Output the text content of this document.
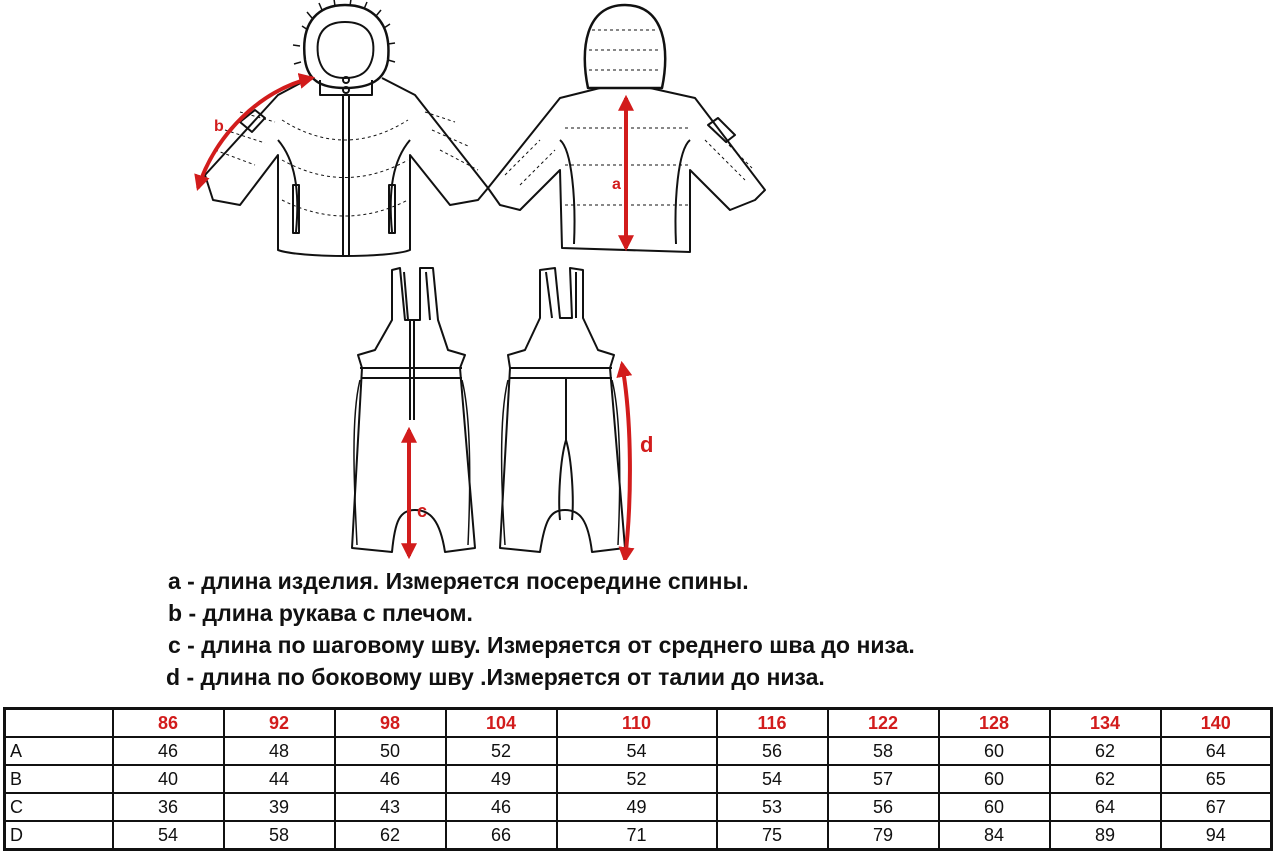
a
b
c
d
a - длина изделия. Измеряется посередине спины.
b - длина рукава с плечом.
c - длина по шаговому шву. Измеряется от среднего шва до низа.
d - длина по боковому шву .Измеряется от талии до низа.
	86	92	98	104	110	116	122	128	134	140
A	46	48	50	52	54	56	58	60	62	64
B	40	44	46	49	52	54	57	60	62	65
C	36	39	43	46	49	53	56	60	64	67
D	54	58	62	66	71	75	79	84	89	94
